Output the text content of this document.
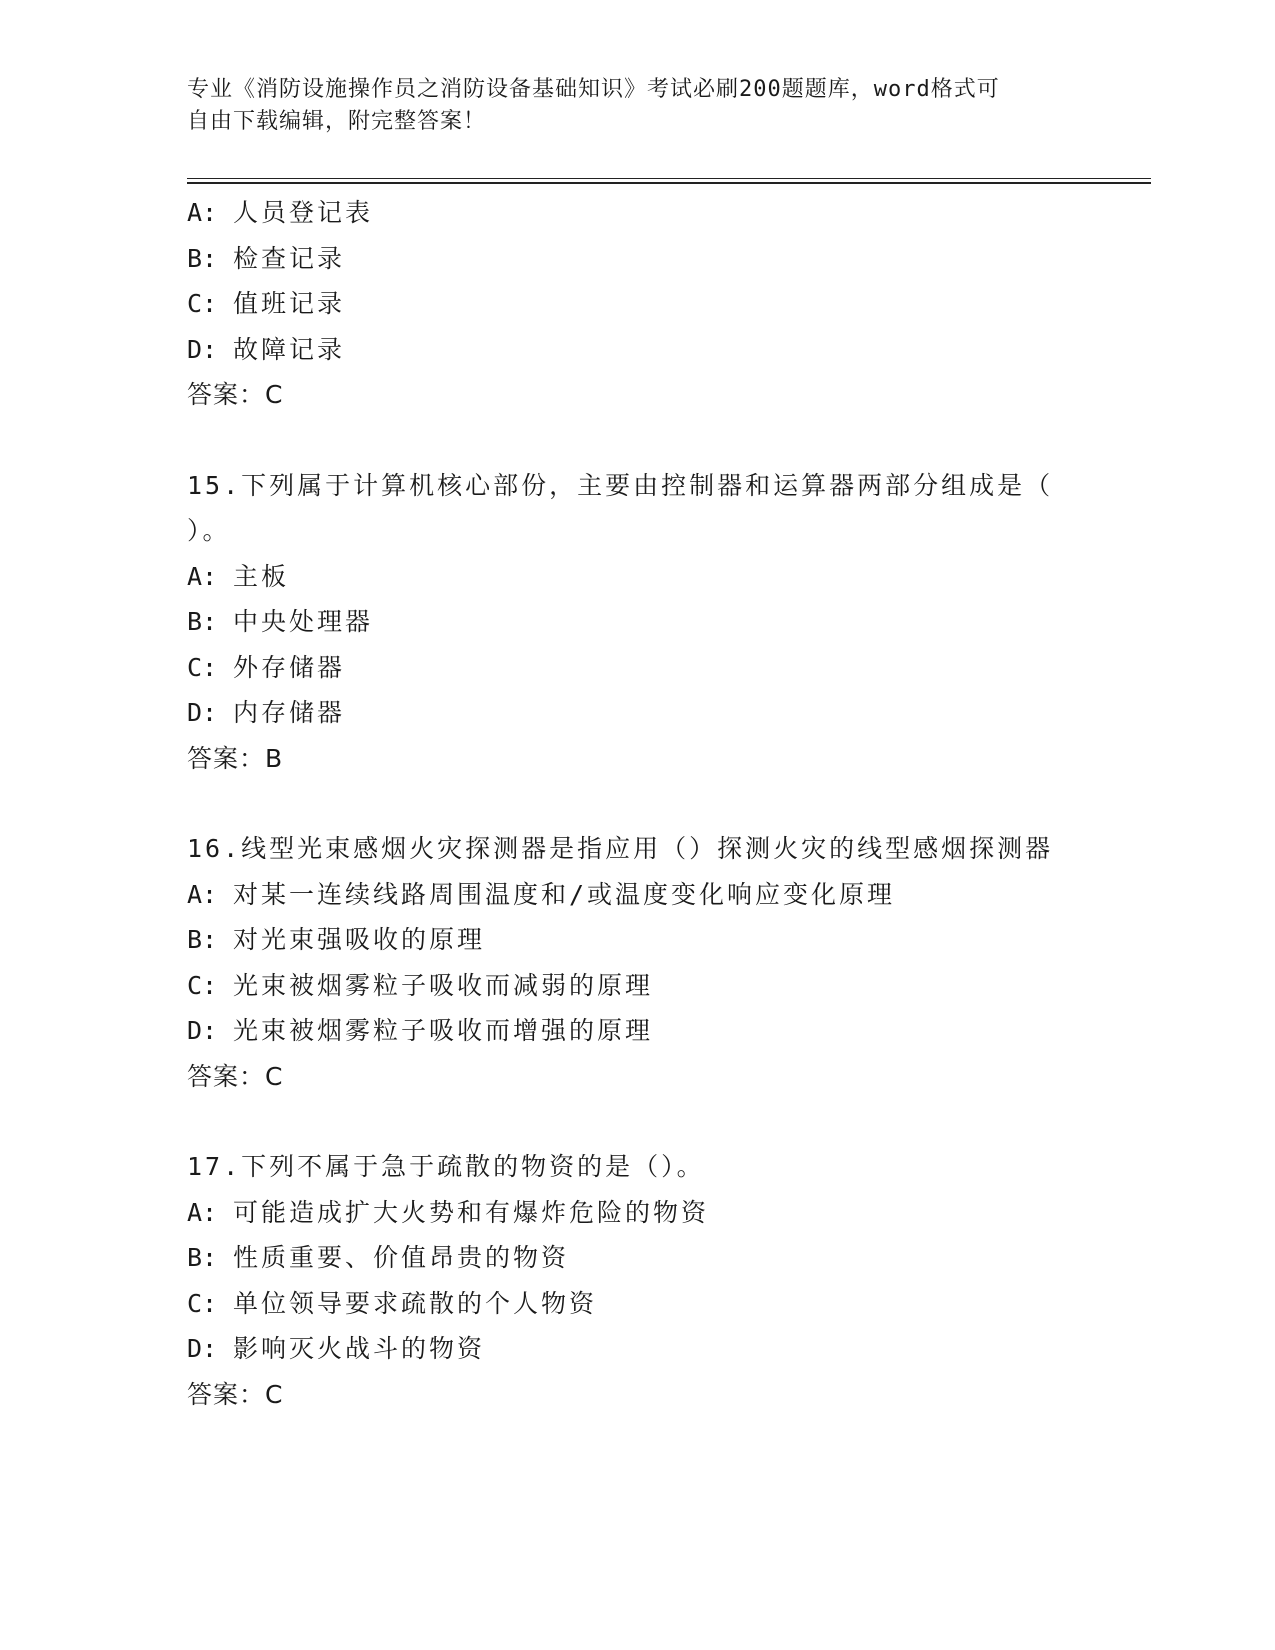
专业《消防设施操作员之消防设备基础知识》考试必刷200题题库，word格式可
自由下载编辑，附完整答案！
A: 人员登记表
B: 检查记录
C: 值班记录
D: 故障记录
答案：C
15.下列属于计算机核心部份，主要由控制器和运算器两部分组成是（
）。
A: 主板
B: 中央处理器
C: 外存储器
D: 内存储器
答案：B
16.线型光束感烟火灾探测器是指应用（）探测火灾的线型感烟探测器
A: 对某一连续线路周围温度和/或温度变化响应变化原理
B: 对光束强吸收的原理
C: 光束被烟雾粒子吸收而减弱的原理
D: 光束被烟雾粒子吸收而增强的原理
答案：C
17.下列不属于急于疏散的物资的是（）。
A: 可能造成扩大火势和有爆炸危险的物资
B: 性质重要、价值昂贵的物资
C: 单位领导要求疏散的个人物资
D: 影响灭火战斗的物资
答案：C
